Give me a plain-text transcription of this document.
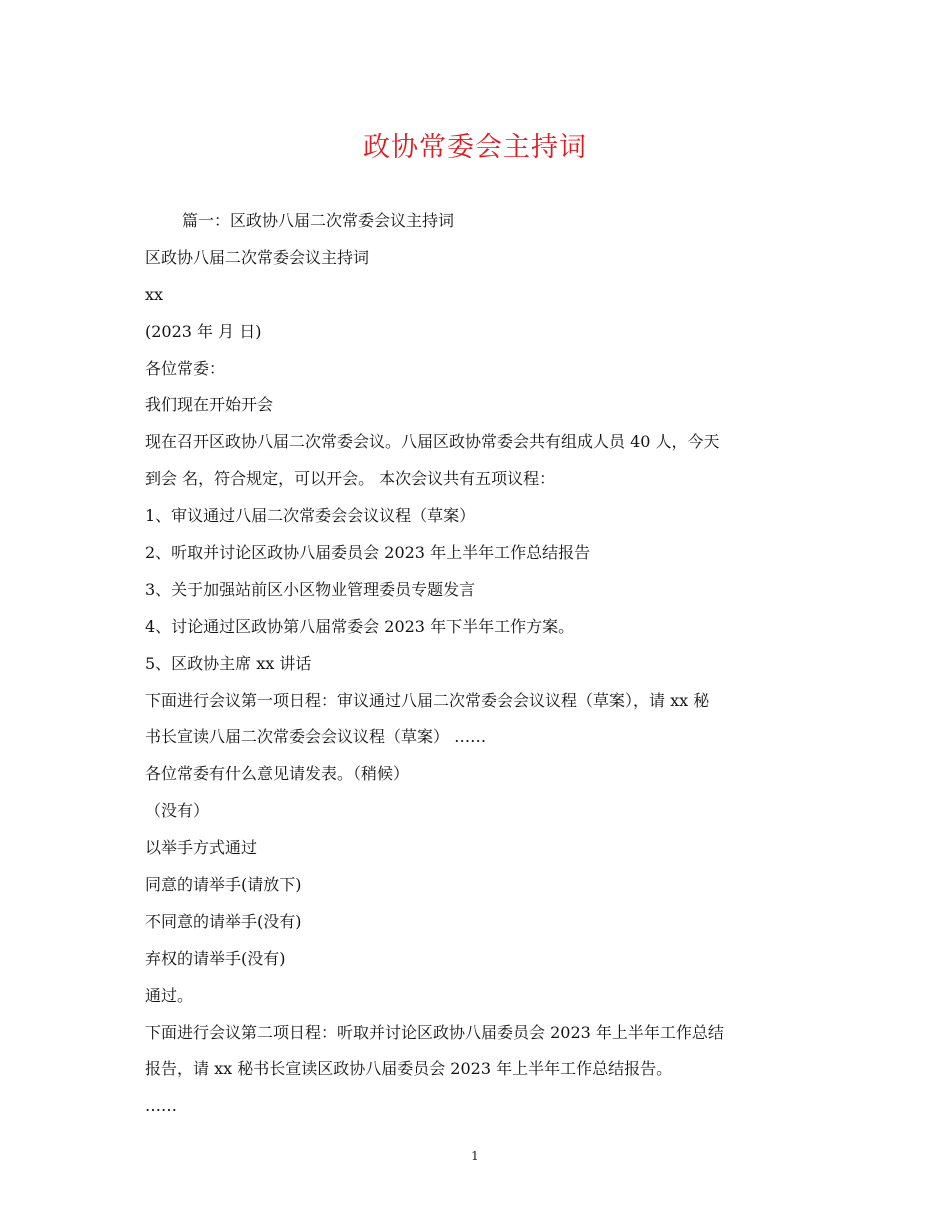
政协常委会主持词
篇一：区政协八届二次常委会议主持词
区政协八届二次常委会议主持词
xx
(2023 年 月 日)
各位常委：
我们现在开始开会
现在召开区政协八届二次常委会议。八届区政协常委会共有组成人员 40 人，今天
到会 名，符合规定，可以开会。 本次会议共有五项议程：
1、审议通过八届二次常委会会议议程（草案）
2、听取并讨论区政协八届委员会 2023 年上半年工作总结报告
3、关于加强站前区小区物业管理委员专题发言
4、讨论通过区政协第八届常委会 2023 年下半年工作方案。
5、区政协主席 xx 讲话
下面进行会议第一项日程：审议通过八届二次常委会会议议程（草案），请 xx 秘
书长宣读八届二次常委会会议议程（草案） ……
各位常委有什么意见请发表。（稍候）
（没有）
以举手方式通过
同意的请举手(请放下)
不同意的请举手(没有)
弃权的请举手(没有)
通过。
下面进行会议第二项日程：听取并讨论区政协八届委员会 2023 年上半年工作总结
报告，请 xx 秘书长宣读区政协八届委员会 2023 年上半年工作总结报告。
……
1
